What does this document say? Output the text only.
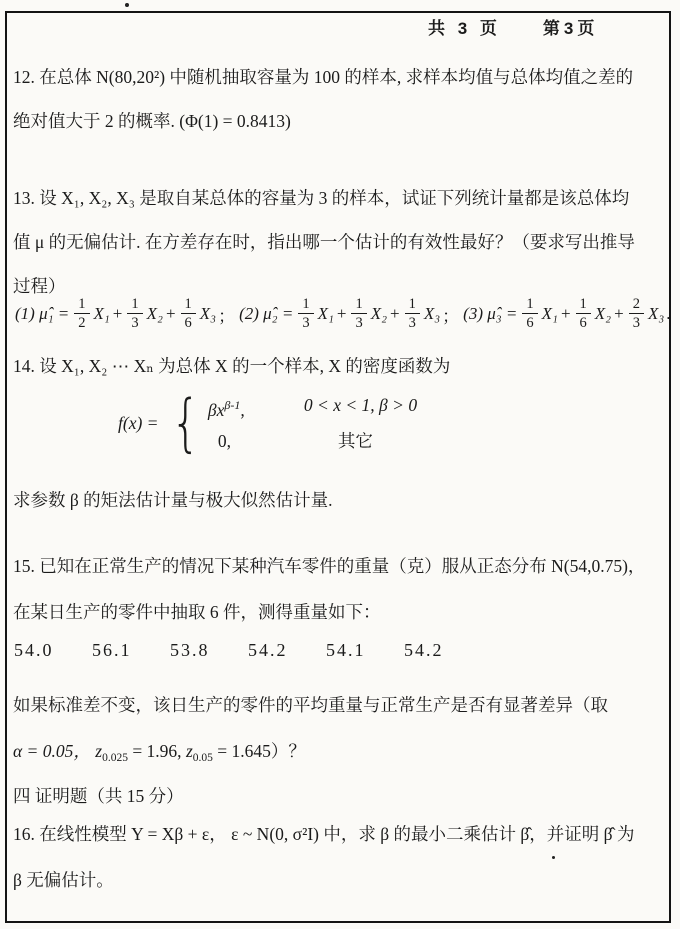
共 3 页　　第3页
12. 在总体 N(80,20²) 中随机抽取容量为 100 的样本, 求样本均值与总体均值之差的
绝对值大于 2 的概率. (Φ(1) = 0.8413)
13. 设 X₁, X₂, X₃ 是取自某总体的容量为 3 的样本，试证下列统计量都是该总体均
值 μ 的无偏估计. 在方差存在时，指出哪一个估计的有效性最好？（要求写出推导
过程）
(1) μ̂₁ = $\frac{1}{2} X_1 + \frac{1}{3} X_2 + \frac{1}{6} X_3$ ； (2) μ̂₂ = $\frac{1}{3} X_1 + \frac{1}{3} X_2 + \frac{1}{3} X_3$ ； (3) μ̂₃ = $\frac{1}{6} X_1 + \frac{1}{6} X_2 + \frac{2}{3} X_3$ .
14. 设 X₁, X₂ ⋯ Xₙ 为总体 X 的一个样本, X 的密度函数为
f(x) = { $\beta x^{\beta-1}$,	0 < x < 1, β > 0
0,	其它
求参数 β 的矩法估计量与极大似然估计量.
15. 已知在正常生产的情况下某种汽车零件的重量（克）服从正态分布 N(54,0.75)，
在某日生产的零件中抽取 6 件，测得重量如下：
54.0 56.1 53.8 54.2 54.1 54.2
如果标准差不变，该日生产的零件的平均重量与正常生产是否有显著差异（取
α = 0.05， $z_{0.025} = 1.96$, $z_{0.05} = 1.645$）？
四 证明题（共 15 分）
16. 在线性模型 Y = Xβ + ε， ε ~ N(0, σ²I) 中，求 β 的最小二乘估计 β̂，并证明 β̂ 为
β 无偏估计。
